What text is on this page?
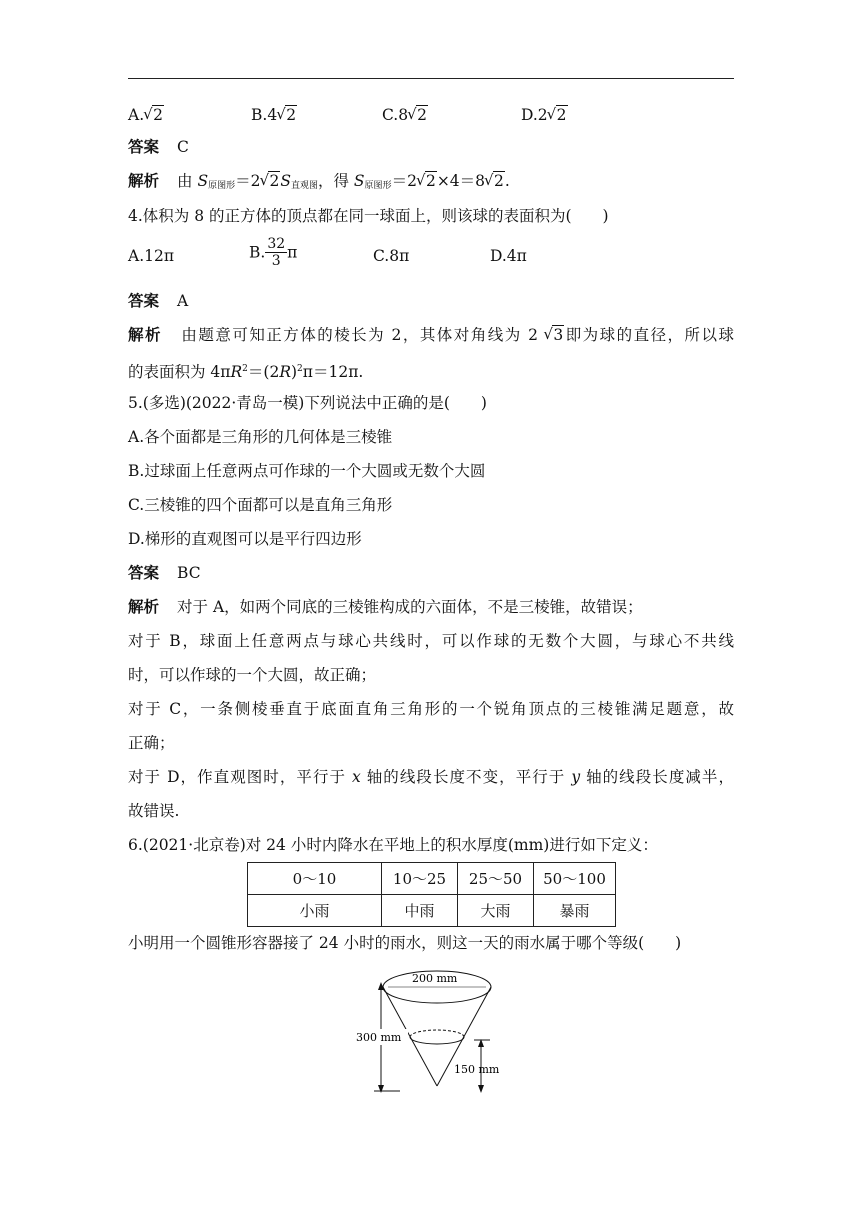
A. √ 2	B.4 √ 2	C.8 √ 2	D.2 √ 2
答案 C
解析 由 $S_{原图形}=2$ √ $2S_{直观图}$，得 $S_{原图形}=2$ √ 2×4＝8 √ 2.
4.体积为 8 的正方体的顶点都在同一球面上，则该球的表面积为(　　)
A.12π	B. $\frac{32}{3}$ π	C.8π	D.4π
答案 A
解析 由题意可知正方体的棱长为 2，其体对角线为 2 √ 3即为球的直径，所以球
的表面积为 $4\pi R^2=(2R)^2\pi=12\pi$.
5.(多选)(2022·青岛一模)下列说法中正确的是(　　)
A.各个面都是三角形的几何体是三棱锥
B.过球面上任意两点可作球的一个大圆或无数个大圆
C.三棱锥的四个面都可以是直角三角形
D.梯形的直观图可以是平行四边形
答案 BC
解析 对于 A，如两个同底的三棱锥构成的六面体，不是三棱锥，故错误；
对于 B，球面上任意两点与球心共线时，可以作球的无数个大圆，与球心不共线
时，可以作球的一个大圆，故正确；
对于 C，一条侧棱垂直于底面直角三角形的一个锐角顶点的三棱锥满足题意，故
正确；
对于 D，作直观图时，平行于 x 轴的线段长度不变，平行于 y 轴的线段长度减半，
故错误.
6.(2021·北京卷)对 24 小时内降水在平地上的积水厚度(mm)进行如下定义：
0～10	10～25	25～50	50～100
小雨	中雨	大雨	暴雨
小明用一个圆锥形容器接了 24 小时的雨水，则这一天的雨水属于哪个等级(　　)
300 mm
200 mm
150 mm
